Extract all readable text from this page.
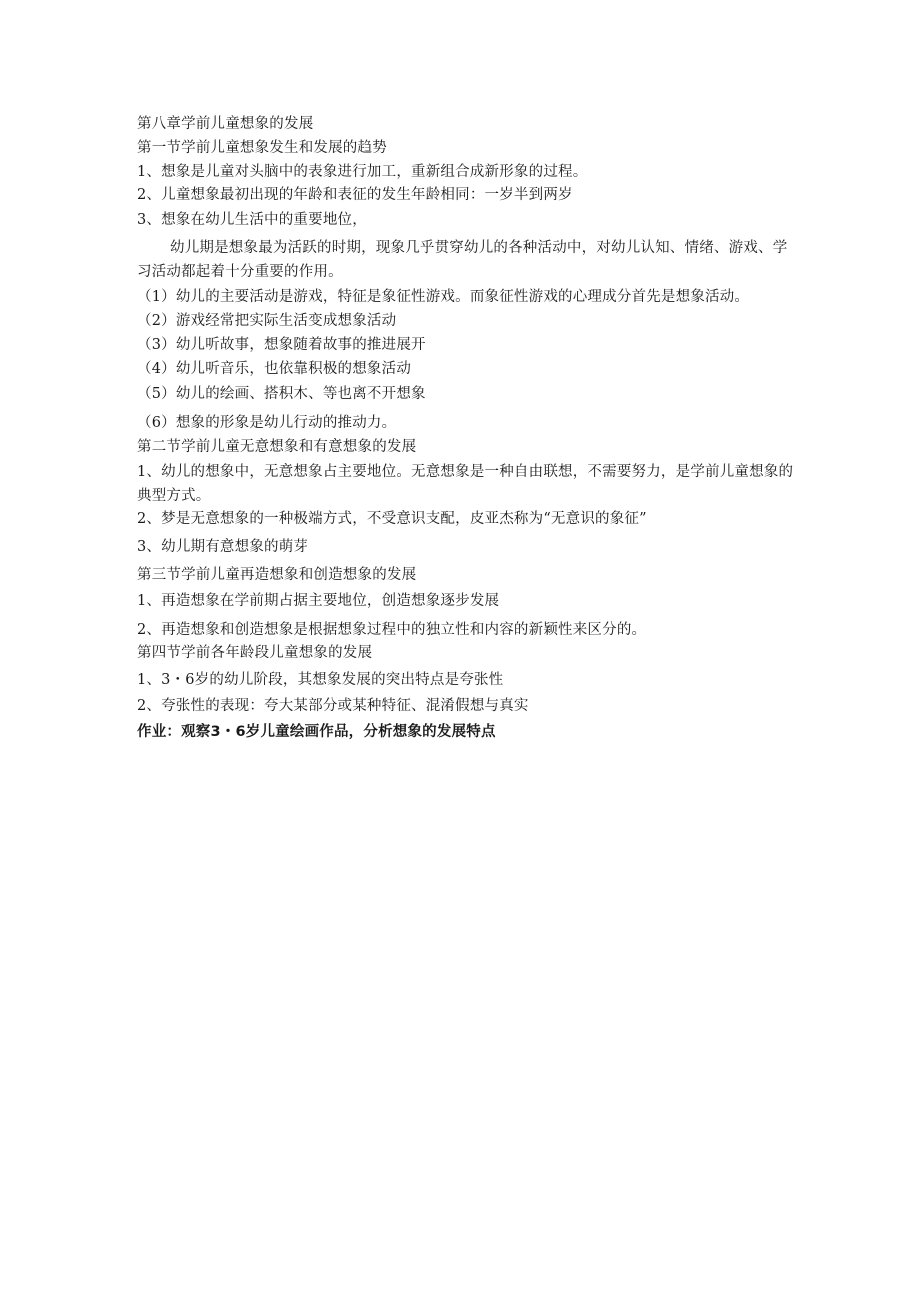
第八章学前儿童想象的发展
第一节学前儿童想象发生和发展的趋势
1、想象是儿童对头脑中的表象进行加工，重新组合成新形象的过程。
2、儿童想象最初出现的年龄和表征的发生年龄相同：一岁半到两岁
3、想象在幼儿生活中的重要地位，
幼儿期是想象最为活跃的时期，现象几乎贯穿幼儿的各种活动中，对幼儿认知、情绪、游戏、学习活动都起着十分重要的作用。
（1）幼儿的主要活动是游戏，特征是象征性游戏。而象征性游戏的心理成分首先是想象活动。
（2）游戏经常把实际生活变成想象活动
（3）幼儿听故事，想象随着故事的推进展开
（4）幼儿听音乐，也依靠积极的想象活动
（5）幼儿的绘画、搭积木、等也离不开想象
（6）想象的形象是幼儿行动的推动力。
第二节学前儿童无意想象和有意想象的发展
1、幼儿的想象中，无意想象占主要地位。无意想象是一种自由联想，不需要努力，是学前儿童想象的典型方式。
2、梦是无意想象的一种极端方式，不受意识支配，皮亚杰称为“无意识的象征”
3、幼儿期有意想象的萌芽
第三节学前儿童再造想象和创造想象的发展
1、再造想象在学前期占据主要地位，创造想象逐步发展
2、再造想象和创造想象是根据想象过程中的独立性和内容的新颖性来区分的。
第四节学前各年龄段儿童想象的发展
1、3・6岁的幼儿阶段，其想象发展的突出特点是夸张性
2、夸张性的表现：夸大某部分或某种特征、混淆假想与真实
作业：观察3・6岁儿童绘画作品，分析想象的发展特点
